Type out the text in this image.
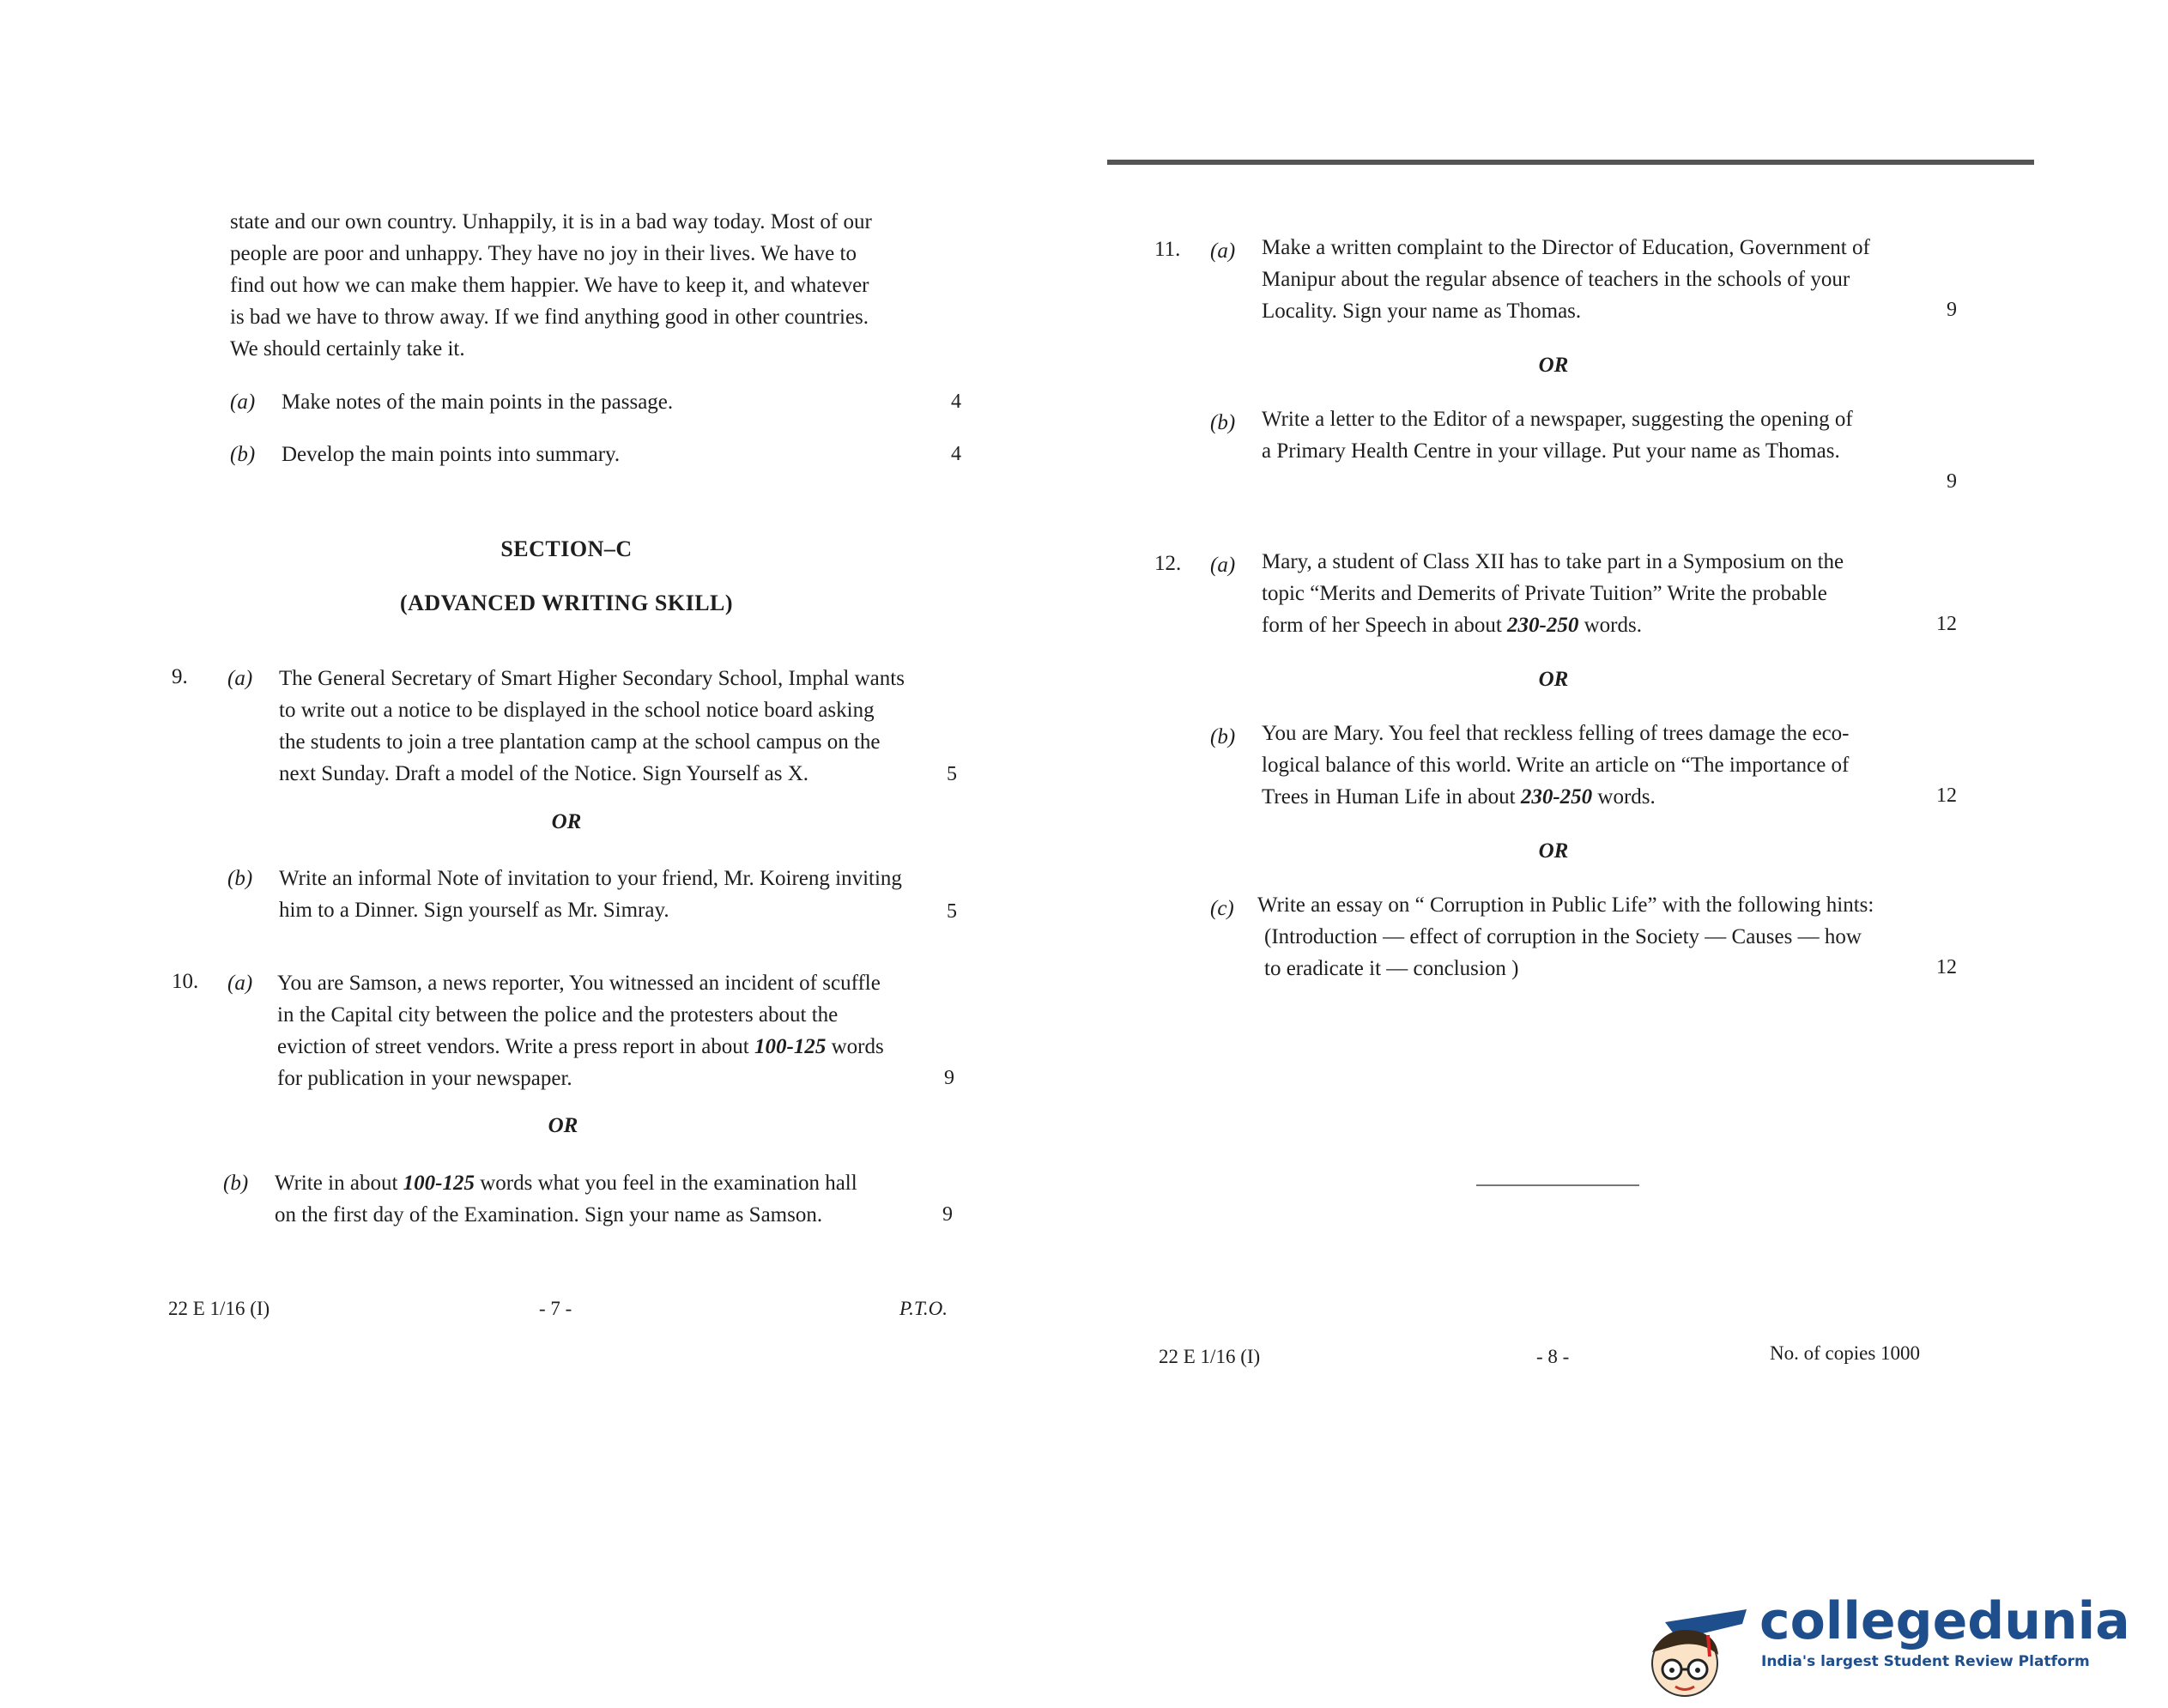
state and our own country. Unhappily, it is in a bad way today. Most of our
people are poor and unhappy. They have no joy in their lives. We have to
find out how we can make them happier. We have to keep it, and whatever
is bad we have to throw away. If we find anything good in other countries.
We should certainly take it.
(a) Make notes of the main points in the passage.	4
(b) Develop the main points into summary.	4
SECTION–C
(ADVANCED WRITING SKILL)
9. (a) The General Secretary of Smart Higher Secondary School, Imphal wants
to write out a notice to be displayed in the school notice board asking
the students to join a tree plantation camp at the school campus on the
next Sunday. Draft a model of the Notice. Sign Yourself as X.	5
OR
(b) Write an informal Note of invitation to your friend, Mr. Koireng inviting
him to a Dinner. Sign yourself as Mr. Simray.	5
10. (a) You are Samson, a news reporter, You witnessed an incident of scuffle
in the Capital city between the police and the protesters about the
eviction of street vendors. Write a press report in about 100-125 words
for publication in your newspaper.	9
OR
(b) Write in about 100-125 words what you feel in the examination hall
on the first day of the Examination. Sign your name as Samson.	9
22 E 1/16 (I)	- 7 -	P.T.O.
11. (a) Make a written complaint to the Director of Education, Government of
Manipur about the regular absence of teachers in the schools of your
Locality. Sign your name as Thomas.	9
OR
(b) Write a letter to the Editor of a newspaper, suggesting the opening of
a Primary Health Centre in your village. Put your name as Thomas.
9
12. (a) Mary, a student of Class XII has to take part in a Symposium on the
topic “Merits and Demerits of Private Tuition” Write the probable
form of her Speech in about 230-250 words.	12
OR
(b) You are Mary. You feel that reckless felling of trees damage the eco-
logical balance of this world. Write an article on “The importance of
Trees in Human Life in about 230-250 words.	12
OR
(c) Write an essay on “ Corruption in Public Life” with the following hints:
(Introduction — effect of corruption in the Society — Causes — how
to eradicate it — conclusion )	12
22 E 1/16 (I)	- 8 -	No. of copies 1000
collegedunia
India's largest Student Review Platform
